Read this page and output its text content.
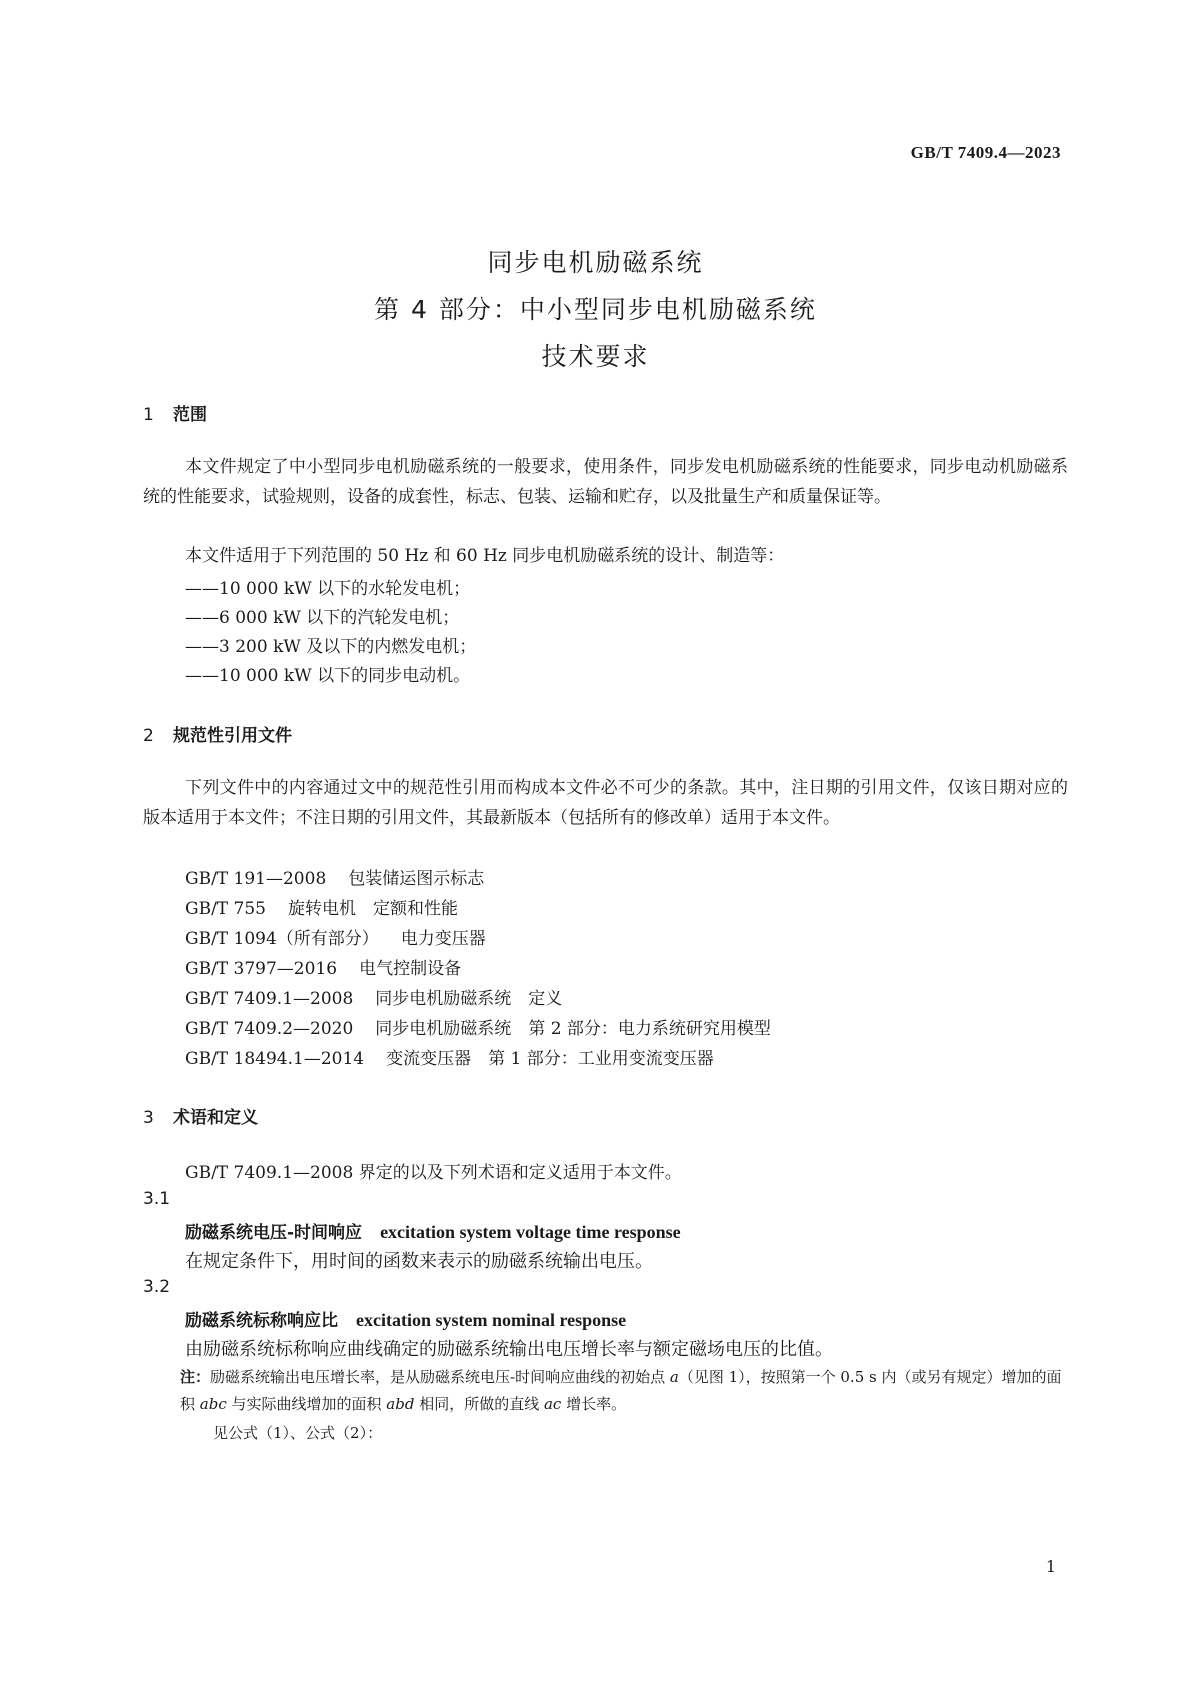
GB/T 7409.4—2023
同步电机励磁系统
第 4 部分：中小型同步电机励磁系统
技术要求
1 范围
本文件规定了中小型同步电机励磁系统的一般要求，使用条件，同步发电机励磁系统的性能要求，同步电动机励磁系统的性能要求，试验规则，设备的成套性，标志、包装、运输和贮存，以及批量生产和质量保证等。
本文件适用于下列范围的 50 Hz 和 60 Hz 同步电机励磁系统的设计、制造等：
——10 000 kW 以下的水轮发电机；
——6 000 kW 以下的汽轮发电机；
——3 200 kW 及以下的内燃发电机；
——10 000 kW 以下的同步电动机。
2 规范性引用文件
下列文件中的内容通过文中的规范性引用而构成本文件必不可少的条款。其中，注日期的引用文件，仅该日期对应的版本适用于本文件；不注日期的引用文件，其最新版本（包括所有的修改单）适用于本文件。
GB/T 191—2008 包装储运图示标志
GB/T 755 旋转电机　定额和性能
GB/T 1094（所有部分） 电力变压器
GB/T 3797—2016 电气控制设备
GB/T 7409.1—2008 同步电机励磁系统　定义
GB/T 7409.2—2020 同步电机励磁系统　第 2 部分：电力系统研究用模型
GB/T 18494.1—2014 变流变压器　第 1 部分：工业用变流变压器
3 术语和定义
GB/T 7409.1—2008 界定的以及下列术语和定义适用于本文件。
3.1
励磁系统电压-时间响应 excitation system voltage time response
在规定条件下，用时间的函数来表示的励磁系统输出电压。
3.2
励磁系统标称响应比 excitation system nominal response
由励磁系统标称响应曲线确定的励磁系统输出电压增长率与额定磁场电压的比值。
注：励磁系统输出电压增长率，是从励磁系统电压-时间响应曲线的初始点 a（见图 1），按照第一个 0.5 s 内（或另有规定）增加的面积 abc 与实际曲线增加的面积 abd 相同，所做的直线 ac 增长率。
见公式（1）、公式（2）：
1
